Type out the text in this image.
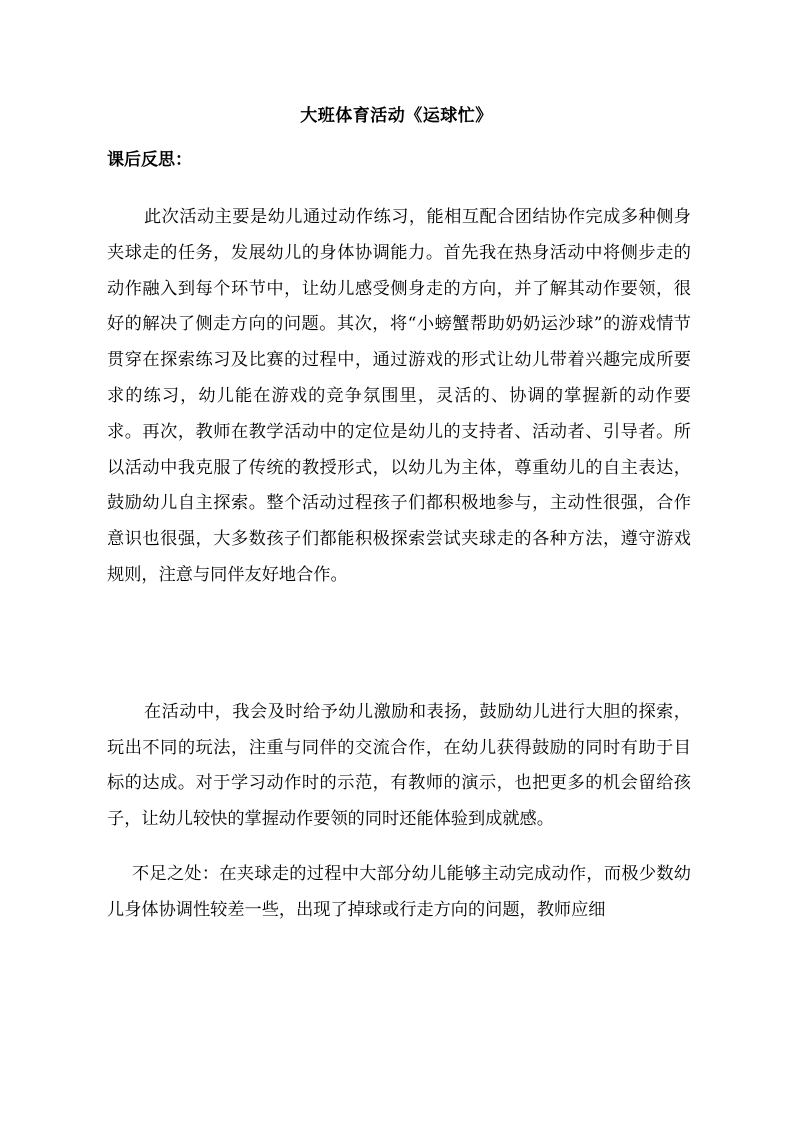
大班体育活动《运球忙》
课后反思：

此次活动主要是幼儿通过动作练习，能相互配合团结协作完成多种侧身夹球走的任务，发展幼儿的身体协调能力。首先我在热身活动中将侧步走的动作融入到每个环节中，让幼儿感受侧身走的方向，并了解其动作要领，很好的解决了侧走方向的问题。其次，将“小螃蟹帮助奶奶运沙球”的游戏情节贯穿在探索练习及比赛的过程中，通过游戏的形式让幼儿带着兴趣完成所要求的练习，幼儿能在游戏的竞争氛围里，灵活的、协调的掌握新的动作要求。再次，教师在教学活动中的定位是幼儿的支持者、活动者、引导者。所以活动中我克服了传统的教授形式，以幼儿为主体，尊重幼儿的自主表达，鼓励幼儿自主探索。整个活动过程孩子们都积极地参与，主动性很强，合作意识也很强，大多数孩子们都能积极探索尝试夹球走的各种方法，遵守游戏规则，注意与同伴友好地合作。

在活动中，我会及时给予幼儿激励和表扬，鼓励幼儿进行大胆的探索，玩出不同的玩法，注重与同伴的交流合作，在幼儿获得鼓励的同时有助于目标的达成。对于学习动作时的示范，有教师的演示，也把更多的机会留给孩子，让幼儿较快的掌握动作要领的同时还能体验到成就感。

不足之处：在夹球走的过程中大部分幼儿能够主动完成动作，而极少数幼儿身体协调性较差一些，出现了掉球或行走方向的问题，教师应细
